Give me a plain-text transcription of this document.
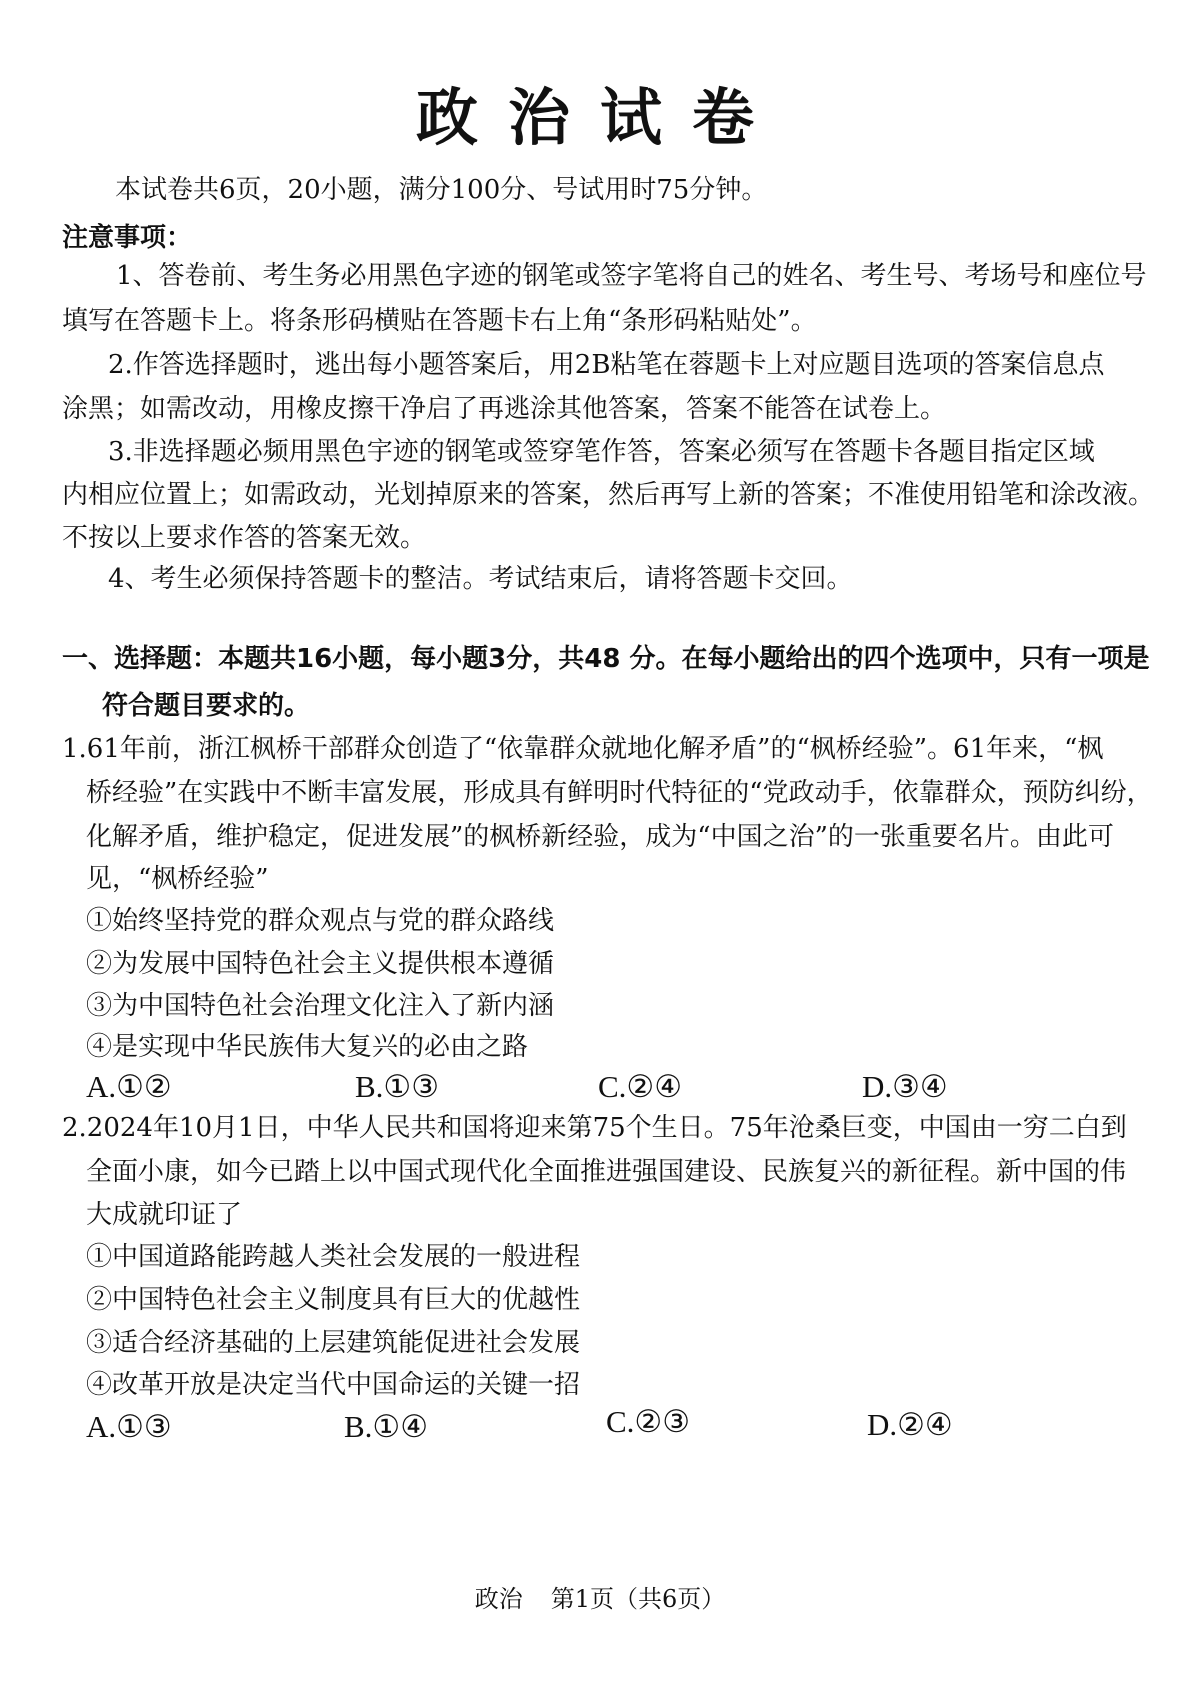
政治试卷
本试卷共6页，20小题，满分100分、号试用时75分钟。
注意事项：
1、答卷前、考生务必用黑色字迹的钢笔或签字笔将自己的姓名、考生号、考场号和座位号
填写在答题卡上。将条形码横贴在答题卡右上角“条形码粘贴处”。
2.作答选择题时，逃出每小题答案后，用2B粘笔在蓉题卡上对应题目选项的答案信息点
涂黑；如需改动，用橡皮擦干净启了再逃涂其他答案，答案不能答在试卷上。
3.非选择题必频用黑色宇迹的钢笔或签穿笔作答，答案必须写在答题卡各题目指定区域
内相应位置上；如需政动，光划掉原来的答案，然后再写上新的答案；不准使用铅笔和涂改液。
不按以上要求作答的答案无效。
4、考生必须保持答题卡的整洁。考试结束后，请将答题卡交回。
一、选择题：本题共16小题，每小题3分，共48 分。在每小题给出的四个选项中，只有一项是
符合题目要求的。
1.61年前，浙江枫桥干部群众创造了“依靠群众就地化解矛盾”的“枫桥经验”。61年来，“枫
桥经验”在实践中不断丰富发展，形成具有鲜明时代特征的“党政动手，依靠群众，预防纠纷，
化解矛盾，维护稳定，促进发展”的枫桥新经验，成为“中国之治”的一张重要名片。由此可
见，“枫桥经验”
①始终坚持党的群众观点与党的群众路线
②为发展中国特色社会主义提供根本遵循
③为中国特色社会治理文化注入了新内涵
④是实现中华民族伟大复兴的必由之路
A.①②	B.①③	C.②④	D.③④
2.2024年10月1日，中华人民共和国将迎来第75个生日。75年沧桑巨变，中国由一穷二白到
全面小康，如今已踏上以中国式现代化全面推进强国建设、民族复兴的新征程。新中国的伟
大成就印证了
①中国道路能跨越人类社会发展的一般进程
②中国特色社会主义制度具有巨大的优越性
③适合经济基础的上层建筑能促进社会发展
④改革开放是决定当代中国命运的关键一招
A.①③	B.①④	C.②③	D.②④
政治 第1页（共6页）
